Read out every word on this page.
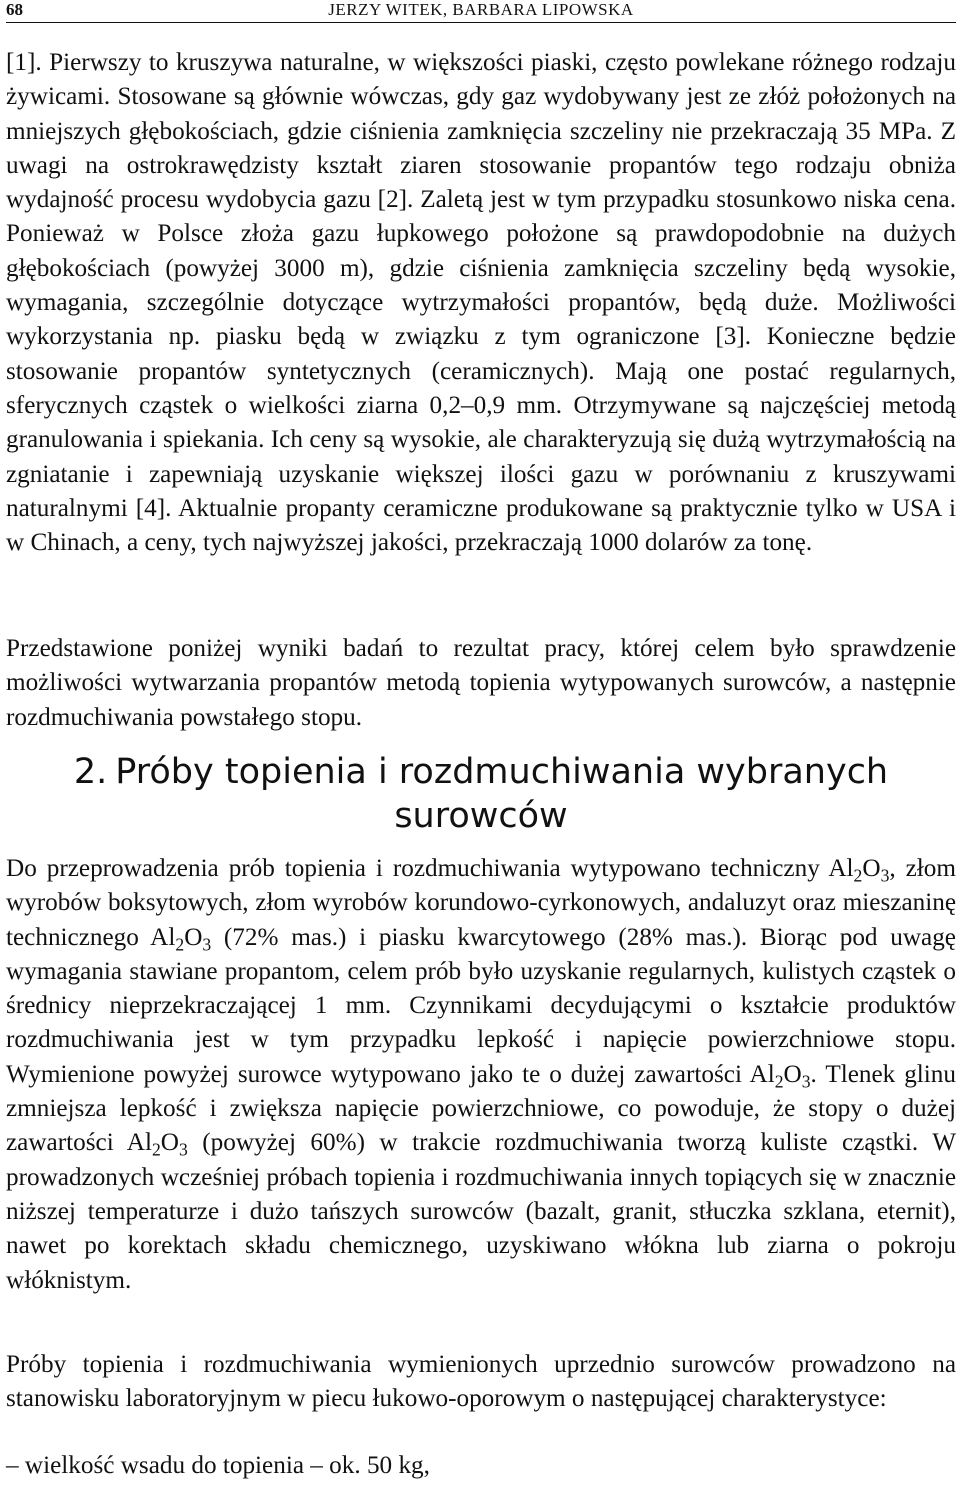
68	JERZY WITEK, BARBARA LIPOWSKA

[1]. Pierwszy to kruszywa naturalne, w większości piaski, często powlekane różnego rodzaju żywicami. Stosowane są głównie wówczas, gdy gaz wydobywany jest ze złóż położonych na mniejszych głębokościach, gdzie ciśnienia zamknięcia szczeliny nie przekraczają 35 MPa. Z uwagi na ostrokrawędzisty kształt ziaren stosowanie propantów tego rodzaju obniża wydajność procesu wydobycia gazu [2]. Zaletą jest w tym przypadku stosunkowo niska cena. Ponieważ w Polsce złoża gazu łupkowego położone są prawdopodobnie na dużych głębokościach (powyżej 3000 m), gdzie ciśnienia zamknięcia szczeliny będą wysokie, wymagania, szczególnie dotyczące wytrzymałości propantów, będą duże. Możliwości wykorzystania np. piasku będą w związku z tym ograniczone [3]. Konieczne będzie stosowanie propantów syntetycznych (ceramicznych). Mają one postać regularnych, sferycznych cząstek o wielkości ziarna 0,2–0,9 mm. Otrzymywane są najczęściej metodą granulowania i spiekania. Ich ceny są wysokie, ale charakteryzują się dużą wytrzymałością na zgniatanie i zapewniają uzyskanie większej ilości gazu w porównaniu z kruszywami naturalnymi [4]. Aktualnie propanty ceramiczne produkowane są praktycznie tylko w USA i w Chinach, a ceny, tych najwyższej jakości, przekraczają 1000 dolarów za tonę.

Przedstawione poniżej wyniki badań to rezultat pracy, której celem było sprawdzenie możliwości wytwarzania propantów metodą topienia wytypowanych surowców, a następnie rozdmuchiwania powstałego stopu.

2. Próby topienia i rozdmuchiwania wybranych surowców

Do przeprowadzenia prób topienia i rozdmuchiwania wytypowano techniczny $Al_2O_3$, złom wyrobów boksytowych, złom wyrobów korundowo-cyrkonowych, andaluzyt oraz mieszaninę technicznego $Al_2O_3$ (72% mas.) i piasku kwarcytowego (28% mas.). Biorąc pod uwagę wymagania stawiane propantom, celem prób było uzyskanie regularnych, kulistych cząstek o średnicy nieprzekraczającej 1 mm. Czynnikami decydującymi o kształcie produktów rozdmuchiwania jest w tym przypadku lepkość i napięcie powierzchniowe stopu. Wymienione powyżej surowce wytypowano jako te o dużej zawartości $Al_2O_3$. Tlenek glinu zmniejsza lepkość i zwiększa napięcie powierzchniowe, co powoduje, że stopy o dużej zawartości $Al_2O_3$ (powyżej 60%) w trakcie rozdmuchiwania tworzą kuliste cząstki. W prowadzonych wcześniej próbach topienia i rozdmuchiwania innych topiących się w znacznie niższej temperaturze i dużo tańszych surowców (bazalt, granit, stłuczka szklana, eternit), nawet po korektach składu chemicznego, uzyskiwano włókna lub ziarna o pokroju włóknistym.

Próby topienia i rozdmuchiwania wymienionych uprzednio surowców prowadzono na stanowisku laboratoryjnym w piecu łukowo-oporowym o następującej charakterystyce:

– wielkość wsadu do topienia – ok. 50 kg,
